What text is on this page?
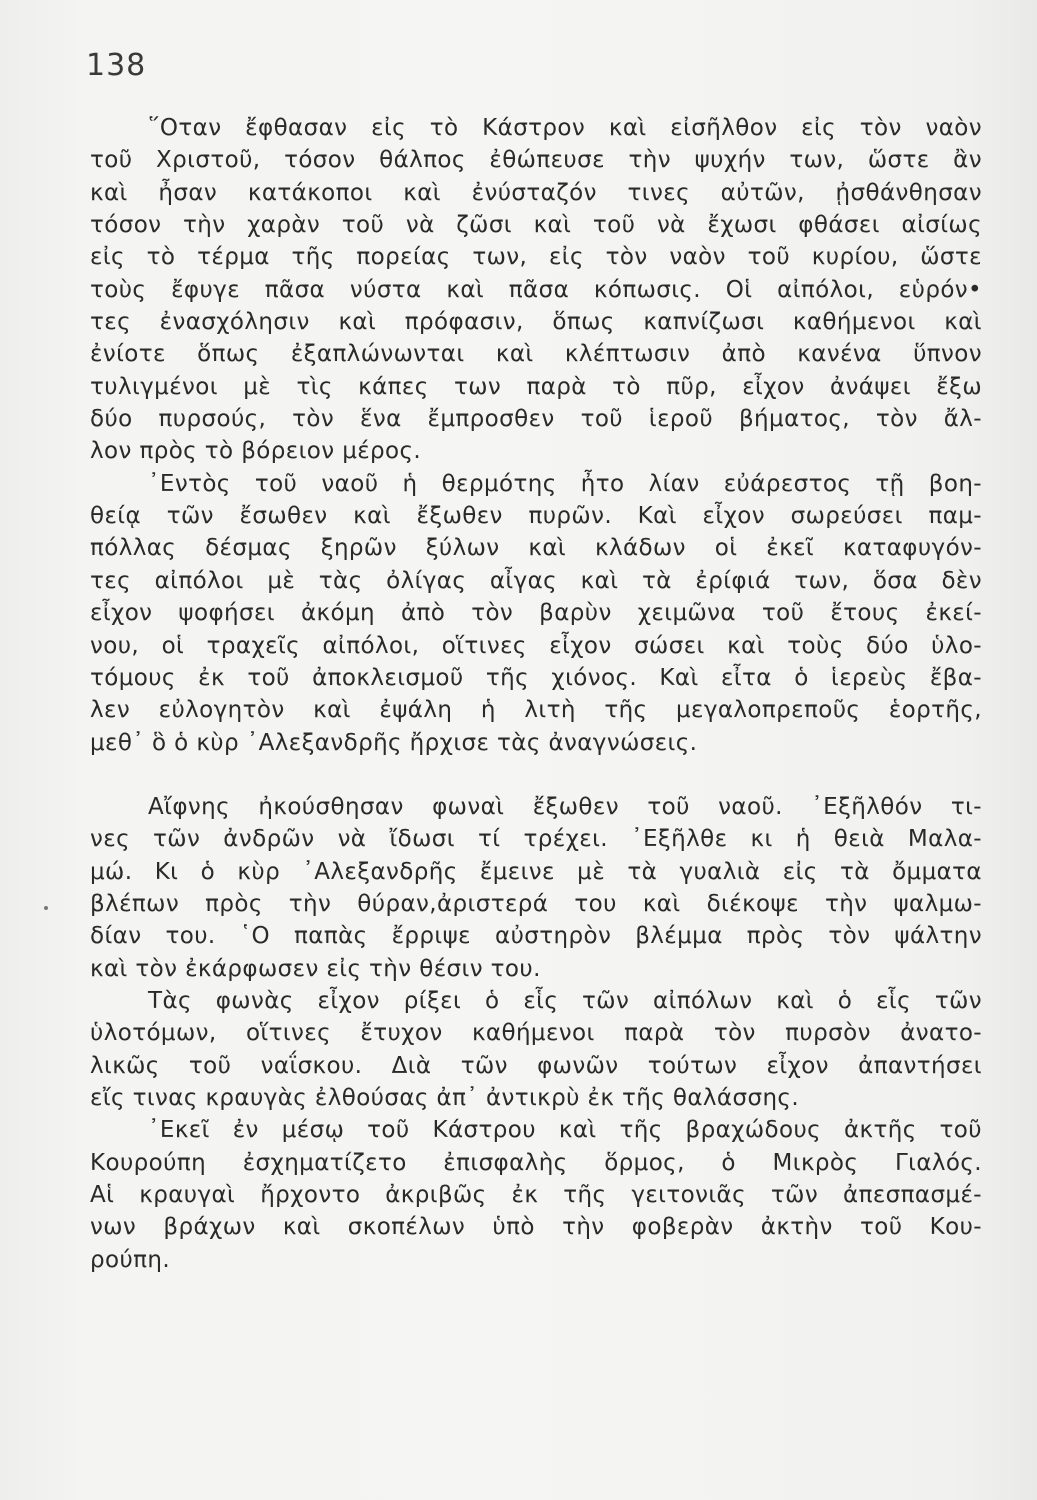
138
῞Οταν ἔφθασαν εἰς τὸ Κάστρον καὶ εἰσῆλθον εἰς τὸν ναὸν
τοῦ Χριστοῦ, τόσον θάλπος ἐθώπευσε τὴν ψυχήν των, ὥστε ἂν
καὶ ἦσαν κατάκοποι καὶ ἐνύσταζόν τινες αὐτῶν, ᾐσθάνθησαν
τόσον τὴν χαρὰν τοῦ νὰ ζῶσι καὶ τοῦ νὰ ἔχωσι φθάσει αἰσίως
εἰς τὸ τέρμα τῆς πορείας των, εἰς τὸν ναὸν τοῦ κυρίου, ὥστε
τοὺς ἔφυγε πᾶσα νύστα καὶ πᾶσα κόπωσις. Οἱ αἰπόλοι, εὑρόν•
τες ἐνασχόλησιν καὶ πρόφασιν, ὅπως καπνίζωσι καθήμενοι καὶ
ἐνίοτε ὅπως ἐξαπλώνωνται καὶ κλέπτωσιν ἀπὸ κανένα ὕπνον
τυλιγμένοι μὲ τὶς κάπες των παρὰ τὸ πῦρ, εἶχον ἀνάψει ἔξω
δύο πυρσούς, τὸν ἕνα ἔμπροσθεν τοῦ ἱεροῦ βήματος, τὸν ἄλ-
λον πρὸς τὸ βόρειον μέρος.
᾿Εντὸς τοῦ ναοῦ ἡ θερμότης ἦτο λίαν εὐάρεστος τῇ βοη-
θείᾳ τῶν ἔσωθεν καὶ ἔξωθεν πυρῶν. Καὶ εἶχον σωρεύσει παμ-
πόλλας δέσμας ξηρῶν ξύλων καὶ κλάδων οἱ ἐκεῖ καταφυγόν-
τες αἰπόλοι μὲ τὰς ὀλίγας αἶγας καὶ τὰ ἐρίφιά των, ὅσα δὲν
εἶχον ψοφήσει ἀκόμη ἀπὸ τὸν βαρὺν χειμῶνα τοῦ ἔτους ἐκεί-
νου, οἱ τραχεῖς αἰπόλοι, οἵτινες εἶχον σώσει καὶ τοὺς δύο ὑλο-
τόμους ἐκ τοῦ ἀποκλεισμοῦ τῆς χιόνος. Καὶ εἶτα ὁ ἱερεὺς ἔβα-
λεν εὐλογητὸν καὶ ἐψάλη ἡ λιτὴ τῆς μεγαλοπρεποῦς ἑορτῆς,
μεθ᾿ ὃ ὁ κὺρ ᾿Αλεξανδρῆς ἤρχισε τὰς ἀναγνώσεις.
Αἴφνης ἠκούσθησαν φωναὶ ἔξωθεν τοῦ ναοῦ. ᾿Εξῆλθόν τι-
νες τῶν ἀνδρῶν νὰ ἴδωσι τί τρέχει. ᾿Εξῆλθε κι ἡ θειὰ Μαλα-
μώ. Κι ὁ κὺρ ᾿Αλεξανδρῆς ἔμεινε μὲ τὰ γυαλιὰ εἰς τὰ ὄμματα
βλέπων πρὸς τὴν θύραν,ἀριστερά του καὶ διέκοψε τὴν ψαλμω-
δίαν του. ῾Ο παπὰς ἔρριψε αὐστηρὸν βλέμμα πρὸς τὸν ψάλτην
καὶ τὸν ἐκάρφωσεν εἰς τὴν θέσιν του.
Τὰς φωνὰς εἶχον ρίξει ὁ εἷς τῶν αἰπόλων καὶ ὁ εἷς τῶν
ὑλοτόμων, οἵτινες ἔτυχον καθήμενοι παρὰ τὸν πυρσὸν ἀνατο-
λικῶς τοῦ ναΐσκου. Διὰ τῶν φωνῶν τούτων εἶχον ἀπαντήσει
εἴς τινας κραυγὰς ἐλθούσας ἀπ᾿ ἀντικρὺ ἐκ τῆς θαλάσσης.
᾿Εκεῖ ἐν μέσῳ τοῦ Κάστρου καὶ τῆς βραχώδους ἀκτῆς τοῦ
Κουρούπη ἐσχηματίζετο ἐπισφαλὴς ὅρμος, ὁ Μικρὸς Γιαλός.
Αἱ κραυγαὶ ἤρχοντο ἀκριβῶς ἐκ τῆς γειτονιᾶς τῶν ἀπεσπασμέ-
νων βράχων καὶ σκοπέλων ὑπὸ τὴν φοβερὰν ἀκτὴν τοῦ Κου-
ρούπη.
